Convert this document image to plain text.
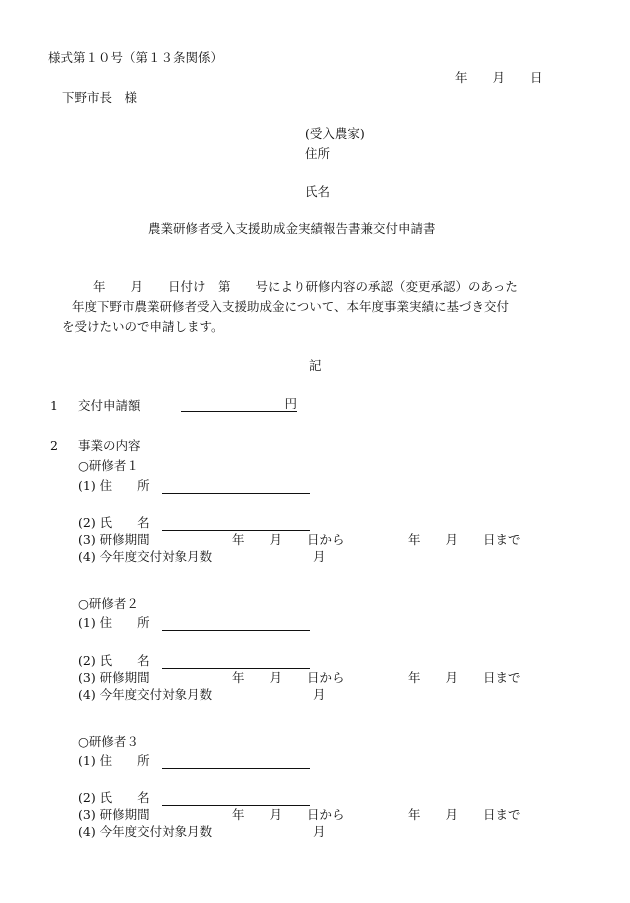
様式第１０号（第１３条関係）
年　　月　　日
下野市長　様
(受入農家)
住所
氏名
農業研修者受入支援助成金実績報告書兼交付申請書
年　　月　　日付け　第　　号により研修内容の承認（変更承認）のあった
年度下野市農業研修者受入支援助成金について、本年度事業実績に基づき交付
を受けたいので申請します。
記
1 交付申請額	円
2 事業の内容
○研修者１
(1) 住　　所
(2) 氏　　名
(3) 研修期間	年　　月　　日から	年　　月　　日まで
(4) 今年度交付対象月数	月
○研修者２
(1) 住　　所
(2) 氏　　名
(3) 研修期間	年　　月　　日から	年　　月　　日まで
(4) 今年度交付対象月数	月
○研修者３
(1) 住　　所
(2) 氏　　名
(3) 研修期間	年　　月　　日から	年　　月　　日まで
(4) 今年度交付対象月数	月
